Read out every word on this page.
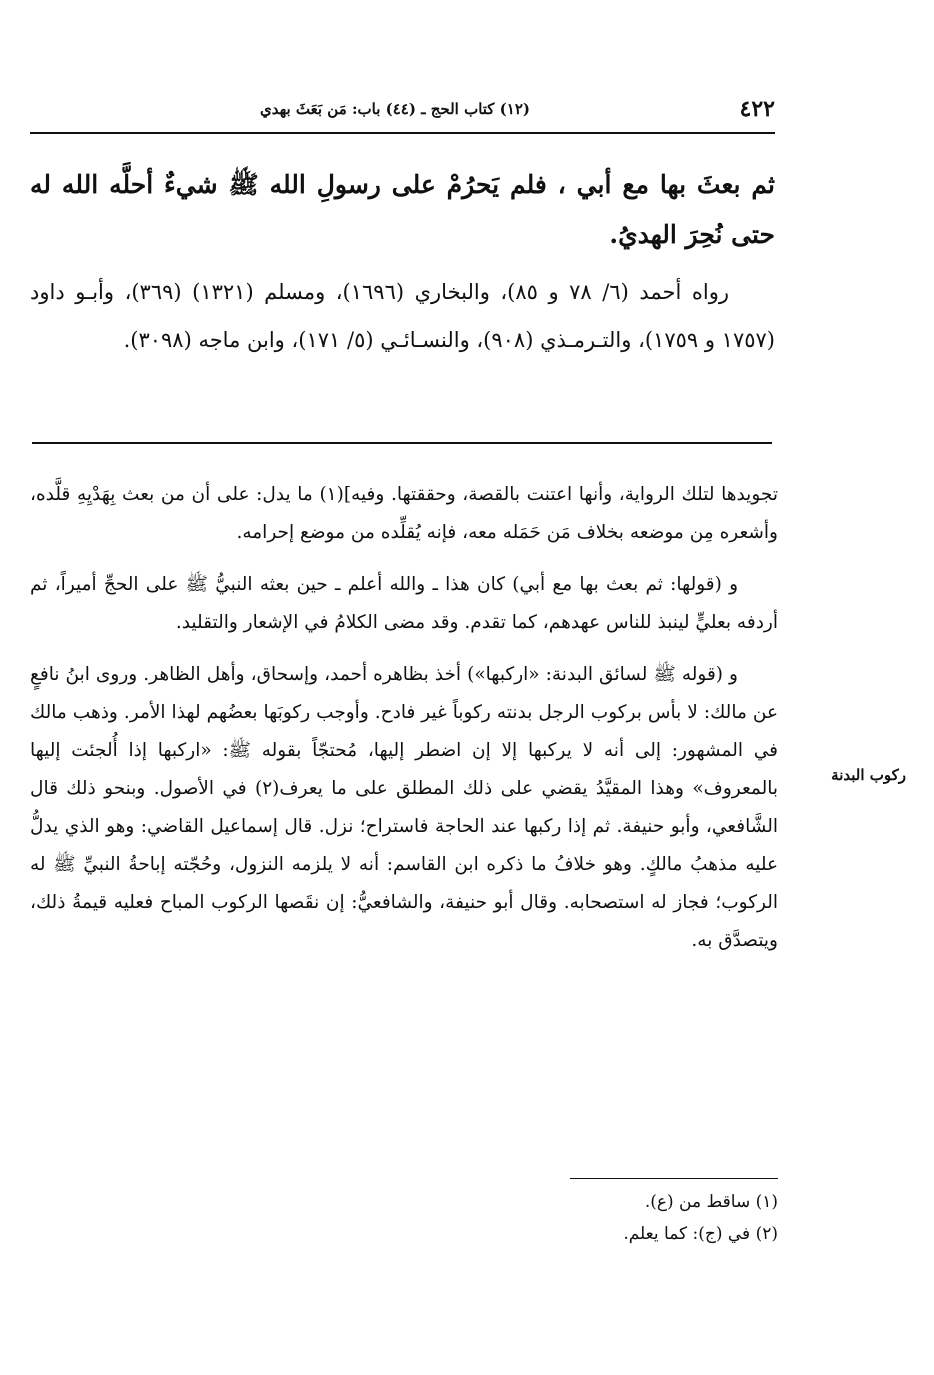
٤٢٢
(١٢) كتاب الحج ـ (٤٤) باب: مَن بَعَثَ بهدي

ثم بعثَ بها مع أبي ، فلم يَحرُمْ على رسولِ الله ﷺ شيءٌ أحلَّه الله له حتى نُحِرَ الهديُ.

رواه أحمد (٦/ ٧٨ و ٨٥)، والبخاري (١٦٩٦)، ومسلم (١٣٢١) (٣٦٩)، وأبـو داود (١٧٥٧ و ١٧٥٩)، والتـرمـذي (٩٠٨)، والنسـائـي (٥/ ١٧١)، وابن ماجه (٣٠٩٨).

تجويدها لتلك الرواية، وأنها اعتنت بالقصة، وحققتها. وفيه](١) ما يدل: على أن من بعث بِهَدْيِهِ قلَّده، وأشعره مِن موضعه بخلاف مَن حَمَله معه، فإنه يُقلِّده من موضع إحرامه.

و (قولها: ثم بعث بها مع أبي) كان هذا ـ والله أعلم ـ حين بعثه النبيُّ ﷺ على الحجِّ أميراً، ثم أردفه بعليٍّ لينبذ للناس عهدهم، كما تقدم. وقد مضى الكلامُ في الإشعار والتقليد.

و (قوله ﷺ لسائق البدنة: «اركبها») أخذ بظاهره أحمد، وإسحاق، وأهل الظاهر. وروى ابنُ نافعٍ عن مالك: لا بأس بركوب الرجل بدنته ركوباً غير فادح. وأوجب ركوبَها بعضُهم لهذا الأمر. وذهب مالك في المشهور: إلى أنه لا يركبها إلا إن اضطر إليها، مُحتجّاً بقوله ﷺ: «اركبها إذا أُلجئت إليها بالمعروف» وهذا المقيَّدُ يقضي على ذلك المطلق على ما يعرف(٢) في الأصول. وبنحو ذلك قال الشَّافعي، وأبو حنيفة. ثم إذا ركبها عند الحاجة فاستراح؛ نزل. قال إسماعيل القاضي: وهو الذي يدلُّ عليه مذهبُ مالكٍ. وهو خلافُ ما ذكره ابن القاسم: أنه لا يلزمه النزول، وحُجّته إباحةُ النبيِّ ﷺ له الركوب؛ فجاز له استصحابه. وقال أبو حنيفة، والشافعيُّ: إن نقَصها الركوب المباح فعليه قيمةُ ذلك، ويتصدَّق به.

ركوب البدنة
(١) ساقط من (ع).
(٢) في (ج): كما يعلم.
